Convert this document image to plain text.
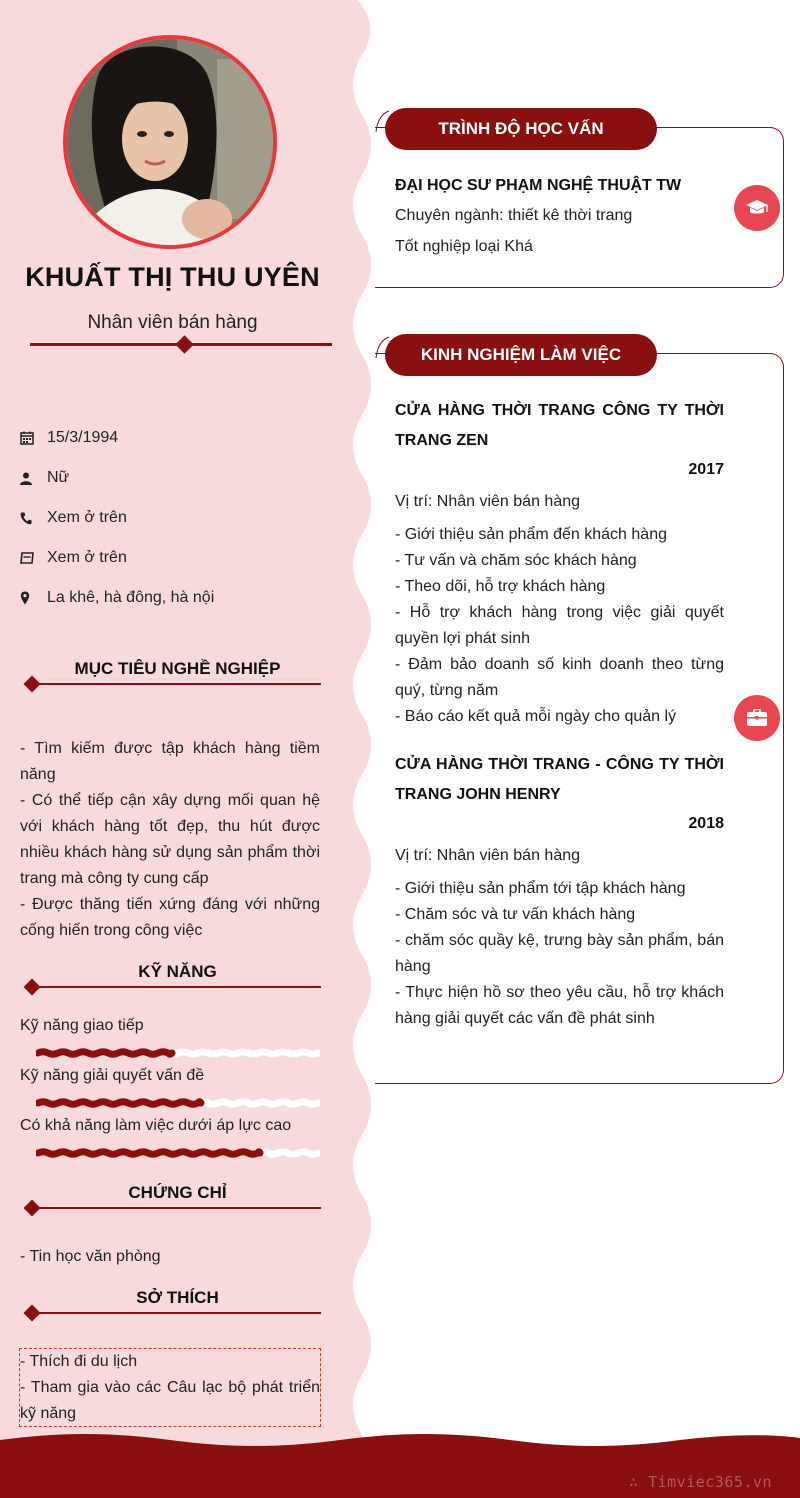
KHUẤT THỊ THU UYÊN
Nhân viên bán hàng
15/3/1994
Nữ
Xem ở trên
Xem ở trên
La khê, hà đông, hà nội
MỤC TIÊU NGHỀ NGHIỆP

- Tìm kiếm được tập khách hàng tiềm năng

- Có thể tiếp cận xây dựng mối quan hệ với khách hàng tốt đẹp, thu hút được nhiều khách hàng sử dụng sản phẩm thời trang mà công ty cung cấp

- Được thăng tiến xứng đáng với những cống hiến trong công việc

KỸ NĂNG
Kỹ năng giao tiếp
Kỹ năng giải quyết vấn đề
Có khả năng làm việc dưới áp lực cao
CHỨNG CHỈ

- Tin học văn phòng

SỞ THÍCH

- Thích đi du lịch

- Tham gia vào các Câu lạc bộ phát triển kỹ năng

TRÌNH ĐỘ HỌC VẤN
ĐẠI HỌC SƯ PHẠM NGHỆ THUẬT TW
Chuyên ngành: thiết kê thời trang
Tốt nghiệp loại Khá
KINH NGHIỆM LÀM VIỆC
CỬA HÀNG THỜI TRANG CÔNG TY THỜI TRANG ZEN
2017
Vị trí: Nhân viên bán hàng

- Giới thiệu sản phẩm đến khách hàng

- Tư vấn và chăm sóc khách hàng

- Theo dõi, hỗ trợ khách hàng

- Hỗ trợ khách hàng trong việc giải quyết quyền lợi phát sinh

- Đảm bảo doanh số kinh doanh theo từng quý, từng năm

- Báo cáo kết quả mỗi ngày cho quản lý

CỬA HÀNG THỜI TRANG - CÔNG TY THỜI TRANG JOHN HENRY
2018
Vị trí: Nhân viên bán hàng

- Giới thiệu sản phẩm tới tập khách hàng

- Chăm sóc và tư vấn khách hàng

- chăm sóc quầy kệ, trưng bày sản phẩm, bán hàng

- Thực hiện hồ sơ theo yêu cầu, hỗ trợ khách hàng giải quyết các vấn đề phát sinh

∴ Timviec365.vn
